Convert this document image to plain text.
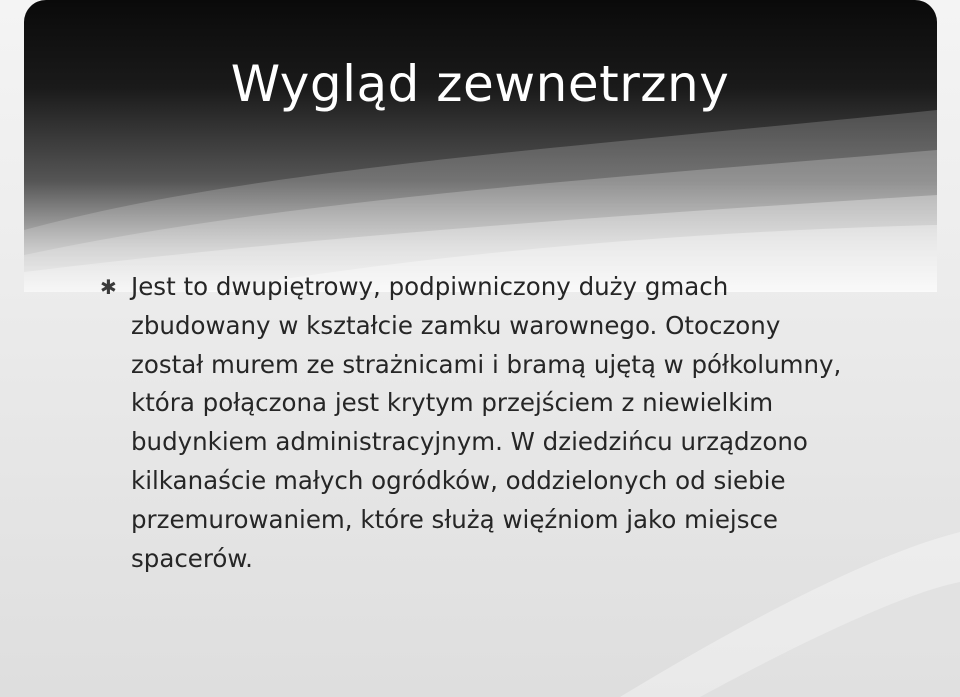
Wygląd zewnetrzny
✱ Jest to dwupiętrowy, podpiwniczony duży gmach zbudowany w kształcie zamku warownego. Otoczony został murem ze strażnicami i bramą ujętą w półkolumny, która połączona jest krytym przejściem z niewielkim budynkiem administracyjnym. W dziedzińcu urządzono kilkanaście małych ogródków, oddzielonych od siebie przemurowaniem, które służą więźniom jako miejsce spacerów.
